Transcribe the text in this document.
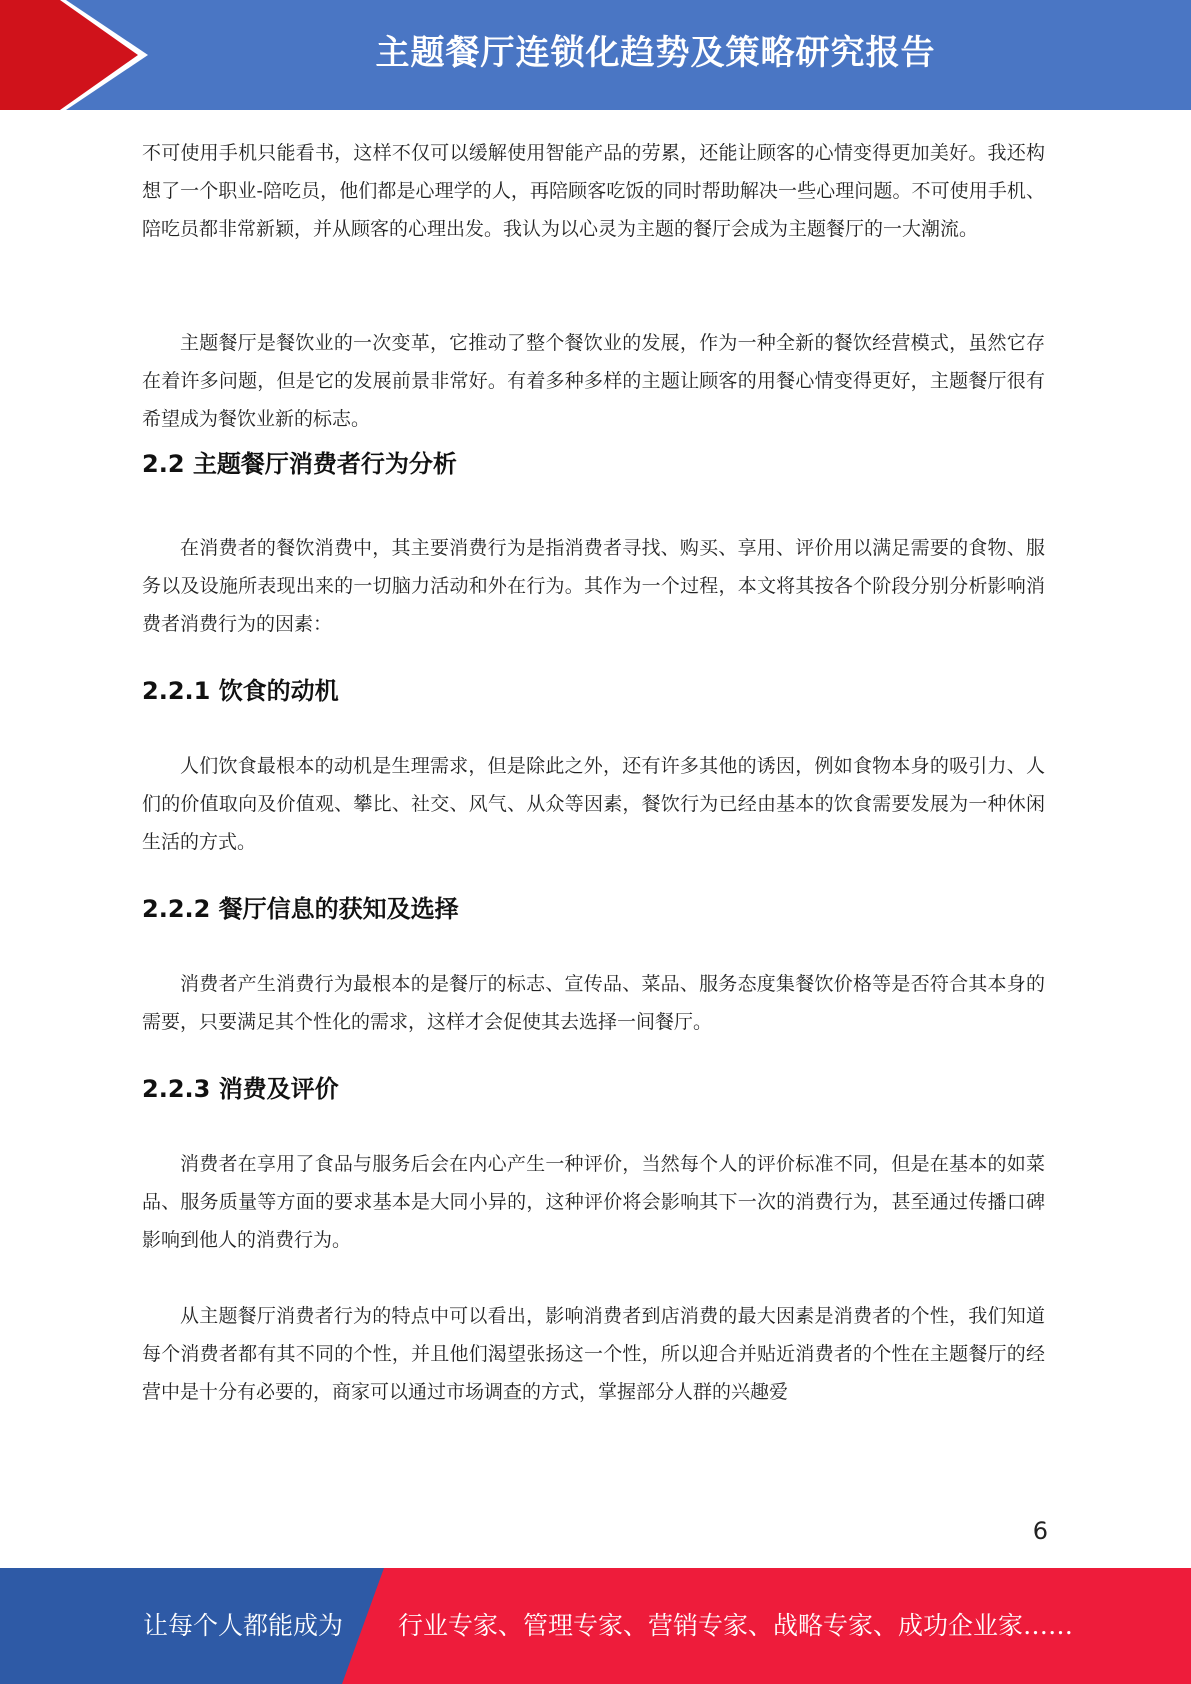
主题餐厅连锁化趋势及策略研究报告

不可使用手机只能看书，这样不仅可以缓解使用智能产品的劳累，还能让顾客的心情变得更加美好。我还构想了一个职业-陪吃员，他们都是心理学的人，再陪顾客吃饭的同时帮助解决一些心理问题。不可使用手机、陪吃员都非常新颖，并从顾客的心理出发。我认为以心灵为主题的餐厅会成为主题餐厅的一大潮流。

主题餐厅是餐饮业的一次变革，它推动了整个餐饮业的发展，作为一种全新的餐饮经营模式，虽然它存在着许多问题，但是它的发展前景非常好。有着多种多样的主题让顾客的用餐心情变得更好，主题餐厅很有希望成为餐饮业新的标志。

2.2 主题餐厅消费者行为分析

在消费者的餐饮消费中，其主要消费行为是指消费者寻找、购买、享用、评价用以满足需要的食物、服务以及设施所表现出来的一切脑力活动和外在行为。其作为一个过程，本文将其按各个阶段分别分析影响消费者消费行为的因素：

2.2.1 饮食的动机

人们饮食最根本的动机是生理需求，但是除此之外，还有许多其他的诱因，例如食物本身的吸引力、人们的价值取向及价值观、攀比、社交、风气、从众等因素，餐饮行为已经由基本的饮食需要发展为一种休闲生活的方式。

2.2.2 餐厅信息的获知及选择

消费者产生消费行为最根本的是餐厅的标志、宣传品、菜品、服务态度集餐饮价格等是否符合其本身的需要，只要满足其个性化的需求，这样才会促使其去选择一间餐厅。

2.2.3 消费及评价

消费者在享用了食品与服务后会在内心产生一种评价，当然每个人的评价标准不同，但是在基本的如菜品、服务质量等方面的要求基本是大同小异的，这种评价将会影响其下一次的消费行为，甚至通过传播口碑影响到他人的消费行为。

从主题餐厅消费者行为的特点中可以看出，影响消费者到店消费的最大因素是消费者的个性，我们知道每个消费者都有其不同的个性，并且他们渴望张扬这一个性，所以迎合并贴近消费者的个性在主题餐厅的经营中是十分有必要的，商家可以通过市场调查的方式，掌握部分人群的兴趣爱

6
让每个人都能成为 行业专家、管理专家、营销专家、战略专家、成功企业家……
